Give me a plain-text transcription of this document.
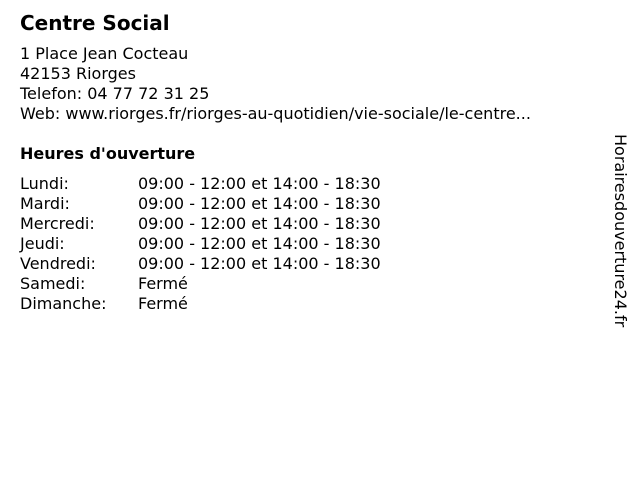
Centre Social
1 Place Jean Cocteau
42153 Riorges
Telefon: 04 77 72 31 25
Web: www.riorges.fr/riorges-au-quotidien/vie-sociale/le-centre...
Heures d'ouverture
Lundi:	09:00 - 12:00 et 14:00 - 18:30
Mardi:	09:00 - 12:00 et 14:00 - 18:30
Mercredi:	09:00 - 12:00 et 14:00 - 18:30
Jeudi:	09:00 - 12:00 et 14:00 - 18:30
Vendredi:	09:00 - 12:00 et 14:00 - 18:30
Samedi:	Fermé
Dimanche: Fermé	Horairesdouverture24.fr
